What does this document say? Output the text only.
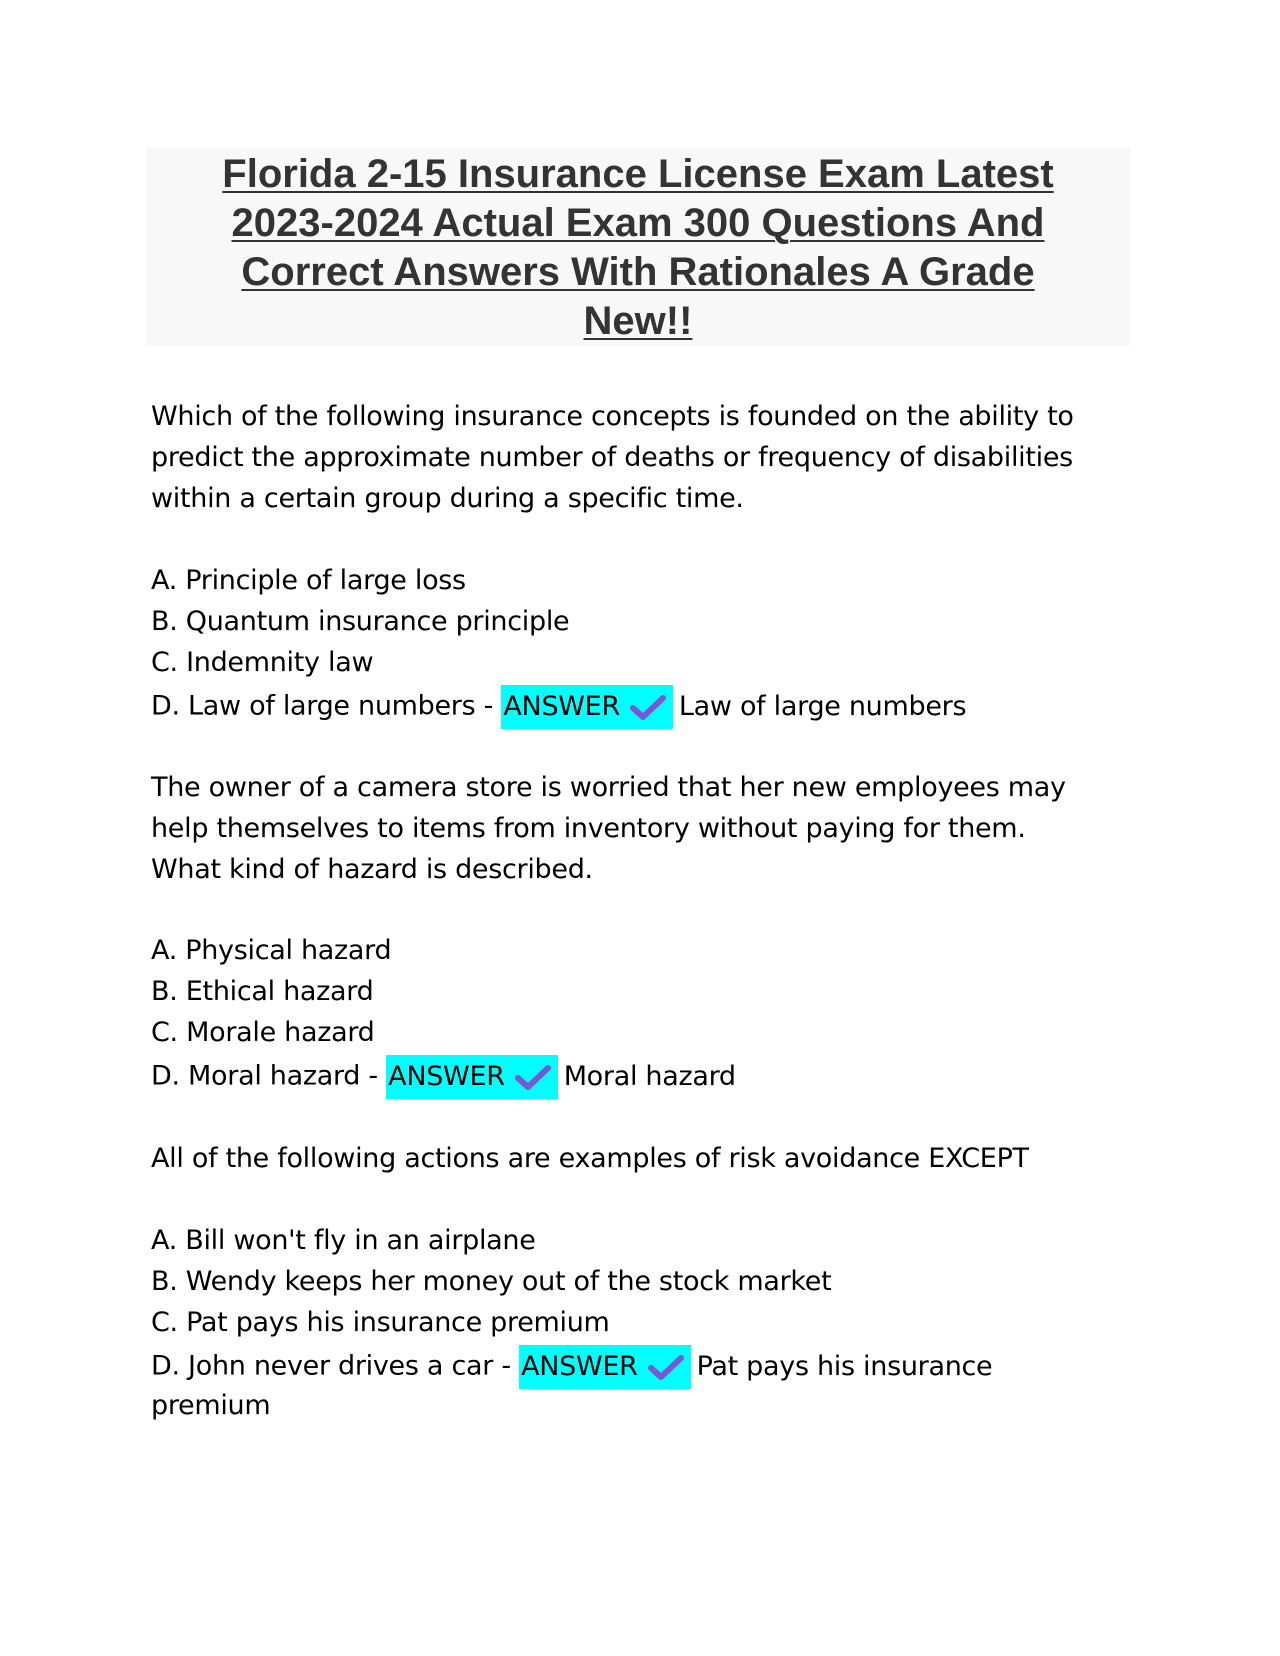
Florida 2-15 Insurance License Exam Latest
2023-2024 Actual Exam 300 Questions And
Correct Answers With Rationales A Grade
New!!

Which of the following insurance concepts is founded on the ability to
predict the approximate number of deaths or frequency of disabilities
within a certain group during a specific time.

A. Principle of large loss

B. Quantum insurance principle

C. Indemnity law

D. Law of large numbers - ANSWER Law of large numbers

The owner of a camera store is worried that her new employees may
help themselves to items from inventory without paying for them.
What kind of hazard is described.

A. Physical hazard

B. Ethical hazard

C. Morale hazard

D. Moral hazard - ANSWER Moral hazard

All of the following actions are examples of risk avoidance EXCEPT

A. Bill won't fly in an airplane

B. Wendy keeps her money out of the stock market

C. Pat pays his insurance premium

D. John never drives a car - ANSWER Pat pays his insurance

premium
